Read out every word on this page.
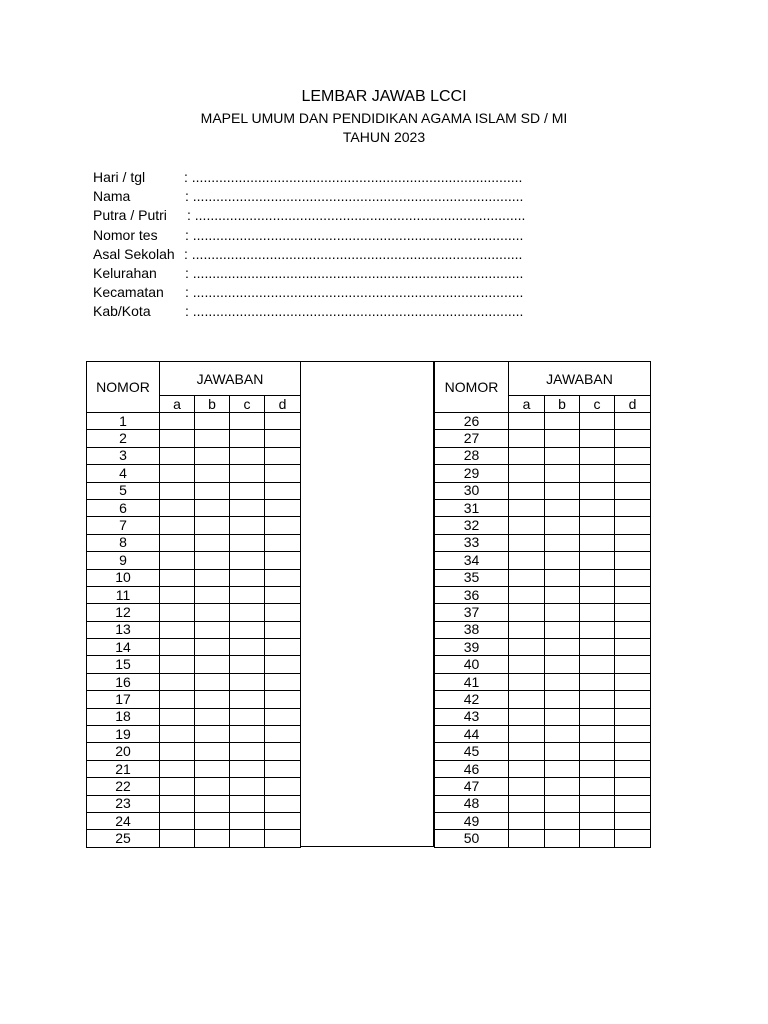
LEMBAR JAWAB LCCI
MAPEL UMUM DAN PENDIDIKAN AGAMA ISLAM SD / MI
TAHUN 2023
Hari / tgl	: .....................................................................................
Nama	: .....................................................................................
Putra / Putri : .....................................................................................
Nomor tes : .....................................................................................
Asal Sekolah : .....................................................................................
Kelurahan : .....................................................................................
Kecamatan : .....................................................................................
Kab/Kota : .....................................................................................
NOMOR	JAWABAN			
	a	b	c	d
1				
2				
3				
4				
5				
6				
7				
8				
9				
10				
11				
12				
13				
14				
15				
16				
17				
18				
19				
20				
21				
22				
23				
24				
25				
NOMOR	JAWABAN			
	a	b	c	d
26				
27				
28				
29				
30				
31				
32				
33				
34				
35				
36				
37				
38				
39				
40				
41				
42				
43				
44				
45				
46				
47				
48				
49				
50				
